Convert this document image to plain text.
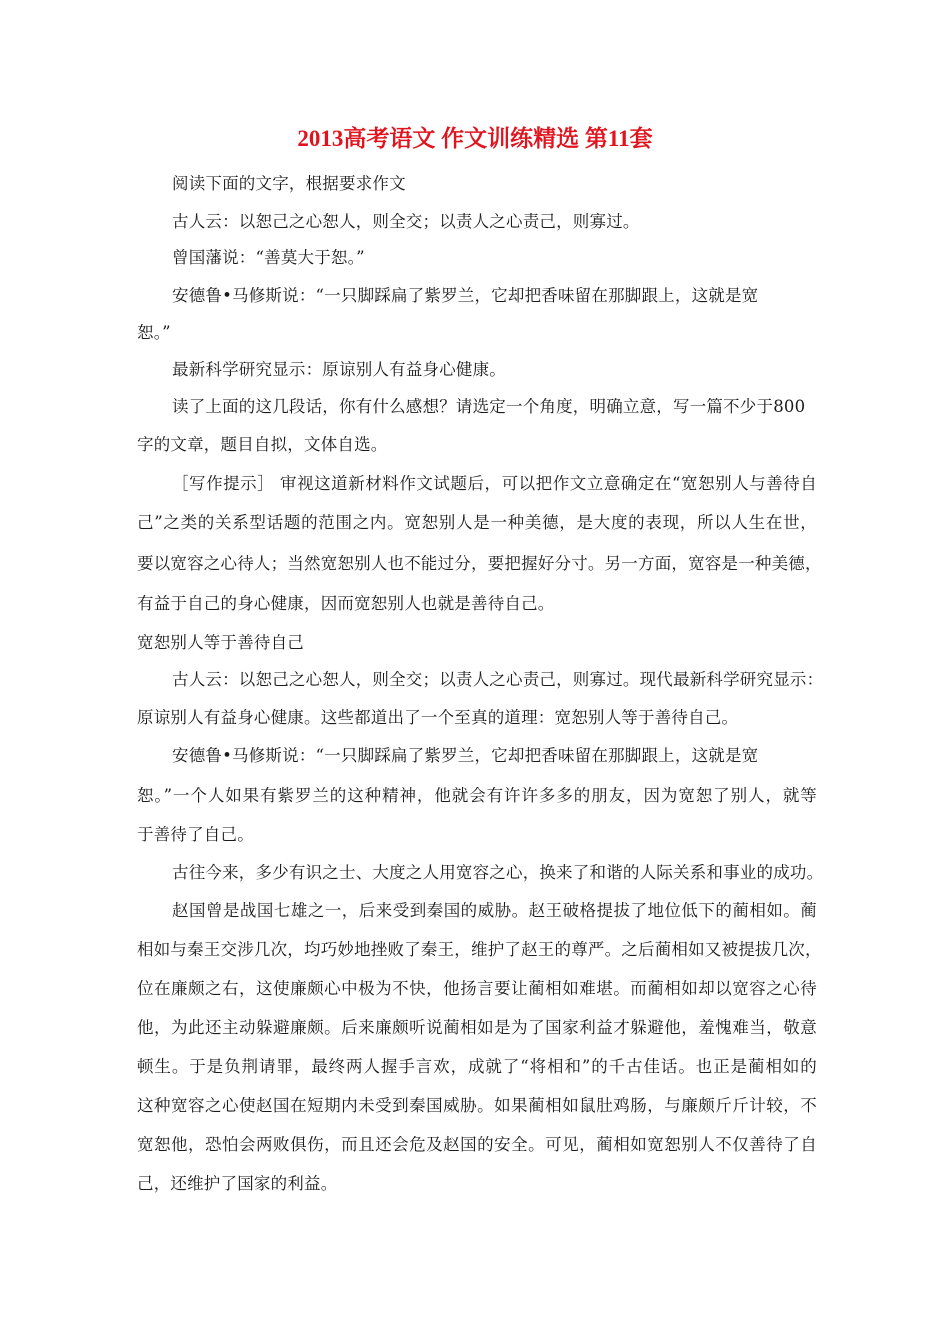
2013高考语文 作文训练精选 第11套
阅读下面的文字，根据要求作文
古人云：以恕己之心恕人，则全交；以责人之心责己，则寡过。
曾国藩说：“善莫大于恕。”
安德鲁•马修斯说：“一只脚踩扁了紫罗兰，它却把香味留在那脚跟上，这就是宽
恕。”
最新科学研究显示：原谅别人有益身心健康。
读了上面的这几段话，你有什么感想？请选定一个角度，明确立意，写一篇不少于800
字的文章，题目自拟，文体自选。
［写作提示］ 审视这道新材料作文试题后，可以把作文立意确定在“宽恕别人与善待自
己”之类的关系型话题的范围之内。宽恕别人是一种美德，是大度的表现，所以人生在世，
要以宽容之心待人；当然宽恕别人也不能过分，要把握好分寸。另一方面，宽容是一种美德，
有益于自己的身心健康，因而宽恕别人也就是善待自己。
宽恕别人等于善待自己
古人云：以恕己之心恕人，则全交；以责人之心责己，则寡过。现代最新科学研究显示：
原谅别人有益身心健康。这些都道出了一个至真的道理：宽恕别人等于善待自己。
安德鲁•马修斯说：“一只脚踩扁了紫罗兰，它却把香味留在那脚跟上，这就是宽
恕。”一个人如果有紫罗兰的这种精神，他就会有许许多多的朋友，因为宽恕了别人，就等
于善待了自己。
古往今来，多少有识之士、大度之人用宽容之心，换来了和谐的人际关系和事业的成功。
赵国曾是战国七雄之一，后来受到秦国的威胁。赵王破格提拔了地位低下的蔺相如。蔺
相如与秦王交涉几次，均巧妙地挫败了秦王，维护了赵王的尊严。之后蔺相如又被提拔几次，
位在廉颇之右，这使廉颇心中极为不快，他扬言要让蔺相如难堪。而蔺相如却以宽容之心待
他，为此还主动躲避廉颇。后来廉颇听说蔺相如是为了国家利益才躲避他，羞愧难当，敬意
顿生。于是负荆请罪，最终两人握手言欢，成就了“将相和”的千古佳话。也正是蔺相如的
这种宽容之心使赵国在短期内未受到秦国威胁。如果蔺相如鼠肚鸡肠，与廉颇斤斤计较，不
宽恕他，恐怕会两败俱伤，而且还会危及赵国的安全。可见，蔺相如宽恕别人不仅善待了自
己，还维护了国家的利益。
